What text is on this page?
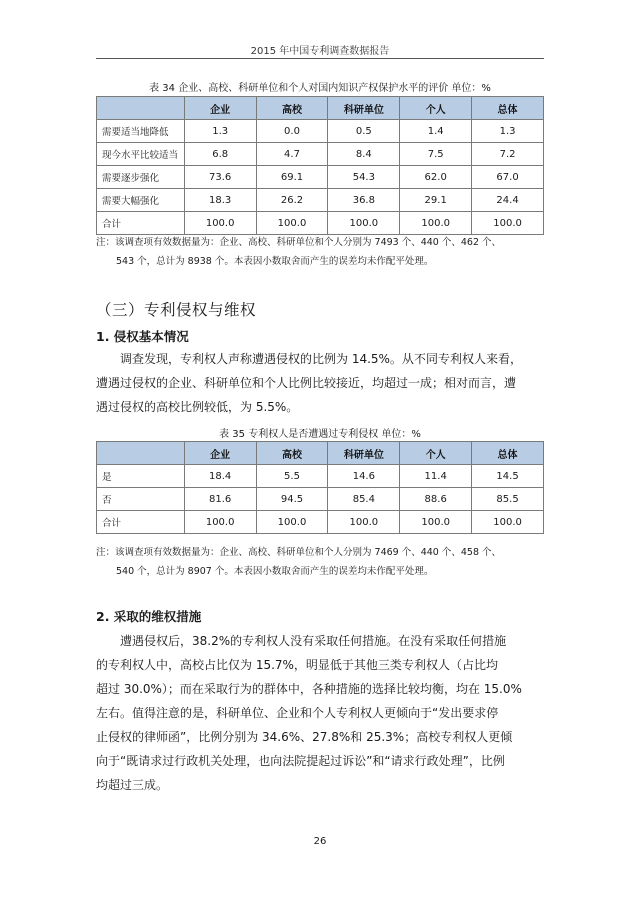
2015 年中国专利调查数据报告
表 34 企业、高校、科研单位和个人对国内知识产权保护水平的评价 单位：%
	企业	高校	科研单位	个人	总体
需要适当地降低	1.3	0.0	0.5	1.4	1.3
现今水平比较适当	6.8	4.7	8.4	7.5	7.2
需要逐步强化	73.6	69.1	54.3	62.0	67.0
需要大幅强化	18.3	26.2	36.8	29.1	24.4
合计	100.0	100.0	100.0	100.0	100.0
注：该调查项有效数据量为：企业、高校、科研单位和个人分别为 7493 个、440 个、462 个、
543 个，总计为 8938 个。本表因小数取舍而产生的误差均未作配平处理。
（三）专利侵权与维权
1. 侵权基本情况
调查发现，专利权人声称遭遇侵权的比例为 14.5%。从不同专利权人来看，
遭遇过侵权的企业、科研单位和个人比例比较接近，均超过一成；相对而言，遭
遇过侵权的高校比例较低，为 5.5%。
表 35 专利权人是否遭遇过专利侵权 单位：%
	企业	高校	科研单位	个人	总体
是	18.4	5.5	14.6	11.4	14.5
否	81.6	94.5	85.4	88.6	85.5
合计	100.0	100.0	100.0	100.0	100.0
注：该调查项有效数据量为：企业、高校、科研单位和个人分别为 7469 个、440 个、458 个、
540 个，总计为 8907 个。本表因小数取舍而产生的误差均未作配平处理。
2. 采取的维权措施
遭遇侵权后，38.2%的专利权人没有采取任何措施。在没有采取任何措施
的专利权人中，高校占比仅为 15.7%，明显低于其他三类专利权人（占比均
超过 30.0%）；而在采取行为的群体中，各种措施的选择比较均衡，均在 15.0%
左右。值得注意的是，科研单位、企业和个人专利权人更倾向于“发出要求停
止侵权的律师函”，比例分别为 34.6%、27.8%和 25.3%；高校专利权人更倾
向于“既请求过行政机关处理，也向法院提起过诉讼”和“请求行政处理”，比例
均超过三成。
26
